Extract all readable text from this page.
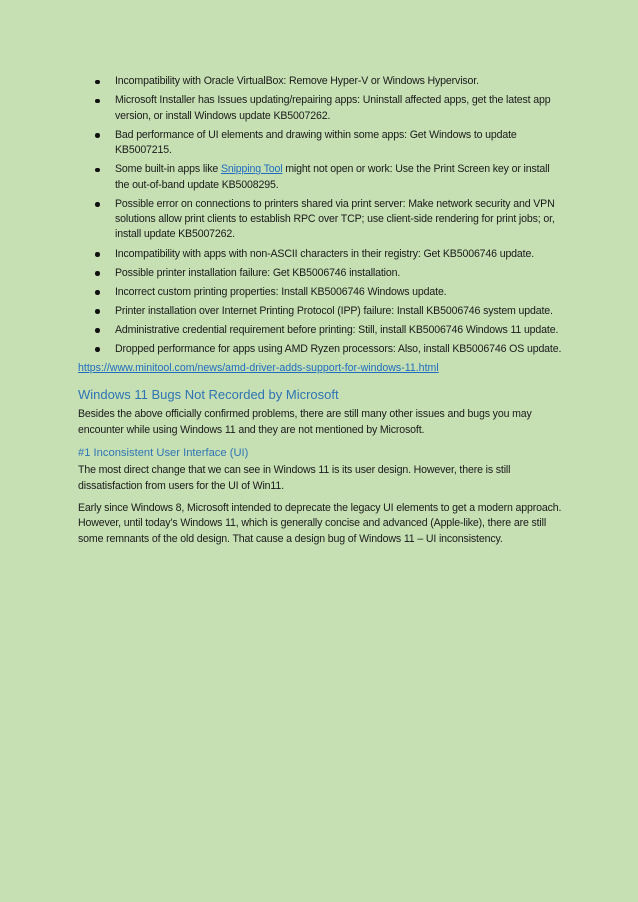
Incompatibility with Oracle VirtualBox: Remove Hyper-V or Windows Hypervisor.
Microsoft Installer has Issues updating/repairing apps: Uninstall affected apps, get the latest app version, or install Windows update KB5007262.
Bad performance of UI elements and drawing within some apps: Get Windows to update KB5007215.
Some built-in apps like Snipping Tool might not open or work: Use the Print Screen key or install the out-of-band update KB5008295.
Possible error on connections to printers shared via print server: Make network security and VPN solutions allow print clients to establish RPC over TCP; use client-side rendering for print jobs; or, install update KB5007262.
Incompatibility with apps with non-ASCII characters in their registry: Get KB5006746 update.
Possible printer installation failure: Get KB5006746 installation.
Incorrect custom printing properties: Install KB5006746 Windows update.
Printer installation over Internet Printing Protocol (IPP) failure: Install KB5006746 system update.
Administrative credential requirement before printing: Still, install KB5006746 Windows 11 update.
Dropped performance for apps using AMD Ryzen processors: Also, install KB5006746 OS update.
https://www.minitool.com/news/amd-driver-adds-support-for-windows-11.html
Windows 11 Bugs Not Recorded by Microsoft

Besides the above officially confirmed problems, there are still many other issues and bugs you may encounter while using Windows 11 and they are not mentioned by Microsoft.

#1 Inconsistent User Interface (UI)

The most direct change that we can see in Windows 11 is its user design. However, there is still dissatisfaction from users for the UI of Win11.

Early since Windows 8, Microsoft intended to deprecate the legacy UI elements to get a modern approach. However, until today’s Windows 11, which is generally concise and advanced (Apple-like), there are still some remnants of the old design. That cause a design bug of Windows 11 – UI inconsistency.
